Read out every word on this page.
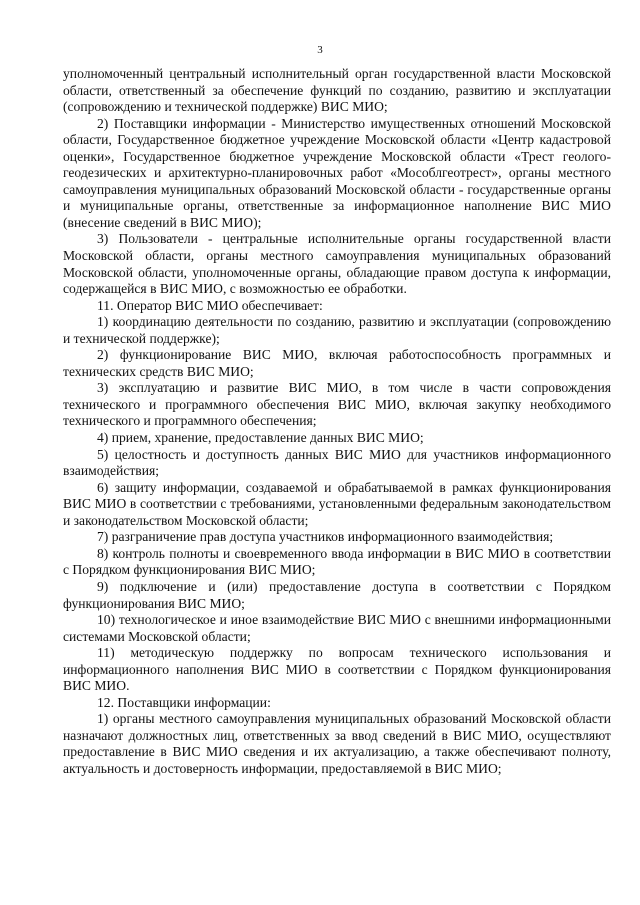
3

уполномоченный центральный исполнительный орган государственной власти Московской области, ответственный за обеспечение функций по созданию, развитию и эксплуатации (сопровождению и технической поддержке) ВИС МИО;

2) Поставщики информации - Министерство имущественных отношений Московской области, Государственное бюджетное учреждение Московской области «Центр кадастровой оценки», Государственное бюджетное учреждение Московской области «Трест геолого-геодезических и архитектурно-планировочных работ «Мособлгеотрест», органы местного самоуправления муниципальных образований Московской области - государственные органы и муниципальные органы, ответственные за информационное наполнение ВИС МИО (внесение сведений в ВИС МИО);

3) Пользователи - центральные исполнительные органы государственной власти Московской области, органы местного самоуправления муниципальных образований Московской области, уполномоченные органы, обладающие правом доступа к информации, содержащейся в ВИС МИО, с возможностью ее обработки.

11. Оператор ВИС МИО обеспечивает:

1) координацию деятельности по созданию, развитию и эксплуатации (сопровождению и технической поддержке);

2) функционирование ВИС МИО, включая работоспособность программных и технических средств ВИС МИО;

3) эксплуатацию и развитие ВИС МИО, в том числе в части сопровождения технического и программного обеспечения ВИС МИО, включая закупку необходимого технического и программного обеспечения;

4) прием, хранение, предоставление данных ВИС МИО;

5) целостность и доступность данных ВИС МИО для участников информационного взаимодействия;

6) защиту информации, создаваемой и обрабатываемой в рамках функционирования ВИС МИО в соответствии с требованиями, установленными федеральным законодательством и законодательством Московской области;

7) разграничение прав доступа участников информационного взаимодействия;

8) контроль полноты и своевременного ввода информации в ВИС МИО в соответствии с Порядком функционирования ВИС МИО;

9) подключение и (или) предоставление доступа в соответствии с Порядком функционирования ВИС МИО;

10) технологическое и иное взаимодействие ВИС МИО с внешними информационными системами Московской области;

11) методическую поддержку по вопросам технического использования и информационного наполнения ВИС МИО в соответствии с Порядком функционирования ВИС МИО.

12. Поставщики информации:

1) органы местного самоуправления муниципальных образований Московской области назначают должностных лиц, ответственных за ввод сведений в ВИС МИО, осуществляют предоставление в ВИС МИО сведения и их актуализацию, а также обеспечивают полноту, актуальность и достоверность информации, предоставляемой в ВИС МИО;
